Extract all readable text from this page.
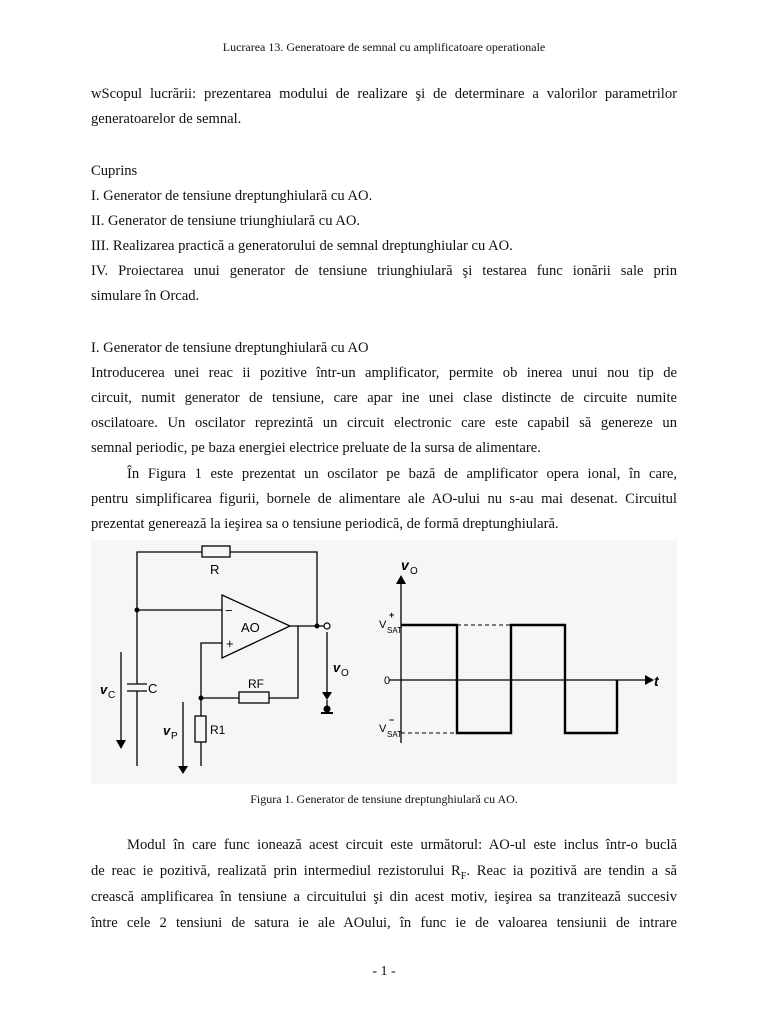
Lucrarea 13. Generatoare de semnal cu amplificatoare operationale

wScopul lucrării: prezentarea modului de realizare şi de determinare a valorilor parametrilor

generatoarelor de semnal.

Cuprins

I. Generator de tensiune dreptunghiulară cu AO.

II. Generator de tensiune triunghiulară cu AO.

III. Realizarea practică a generatorului de semnal dreptunghiular cu AO.

IV. Proiectarea unui generator de tensiune triunghiulară şi testarea func ionării sale prin

simulare în Orcad.

I. Generator de tensiune dreptunghiulară cu AO

Introducerea unei reac ii pozitive într-un amplificator, permite ob inerea unui nou tip de

circuit, numit generator de tensiune, care apar ine unei clase distincte de circuite numite

oscilatoare. Un oscilator reprezintă un circuit electronic care este capabil să genereze un

semnal periodic, pe baza energiei electrice preluate de la sursa de alimentare.

În Figura 1 este prezentat un oscilator pe bază de amplificator opera ional, în care,

pentru simplificarea figurii, bornele de alimentare ale AO-ului nu s-au mai desenat. Circuitul

prezentat generează la ieşirea sa o tensiune periodică, de formă dreptunghiulară.

R
AO
−
+
RF
R1
C
v O
v C
v P
v O
t
V SAT
+
V SAT
−
0
Figura 1. Generator de tensiune dreptunghiulară cu AO.

Modul în care func ionează acest circuit este următorul: AO-ul este inclus într-o buclă

de reac ie pozitivă, realizată prin intermediul rezistorului $R_F$. Reac ia pozitivă are tendin a să

crească amplificarea în tensiune a circuitului şi din acest motiv, ieşirea sa tranzitează succesiv

între cele 2 tensiuni de satura ie ale AOului, în func ie de valoarea tensiunii de intrare

- 1 -
